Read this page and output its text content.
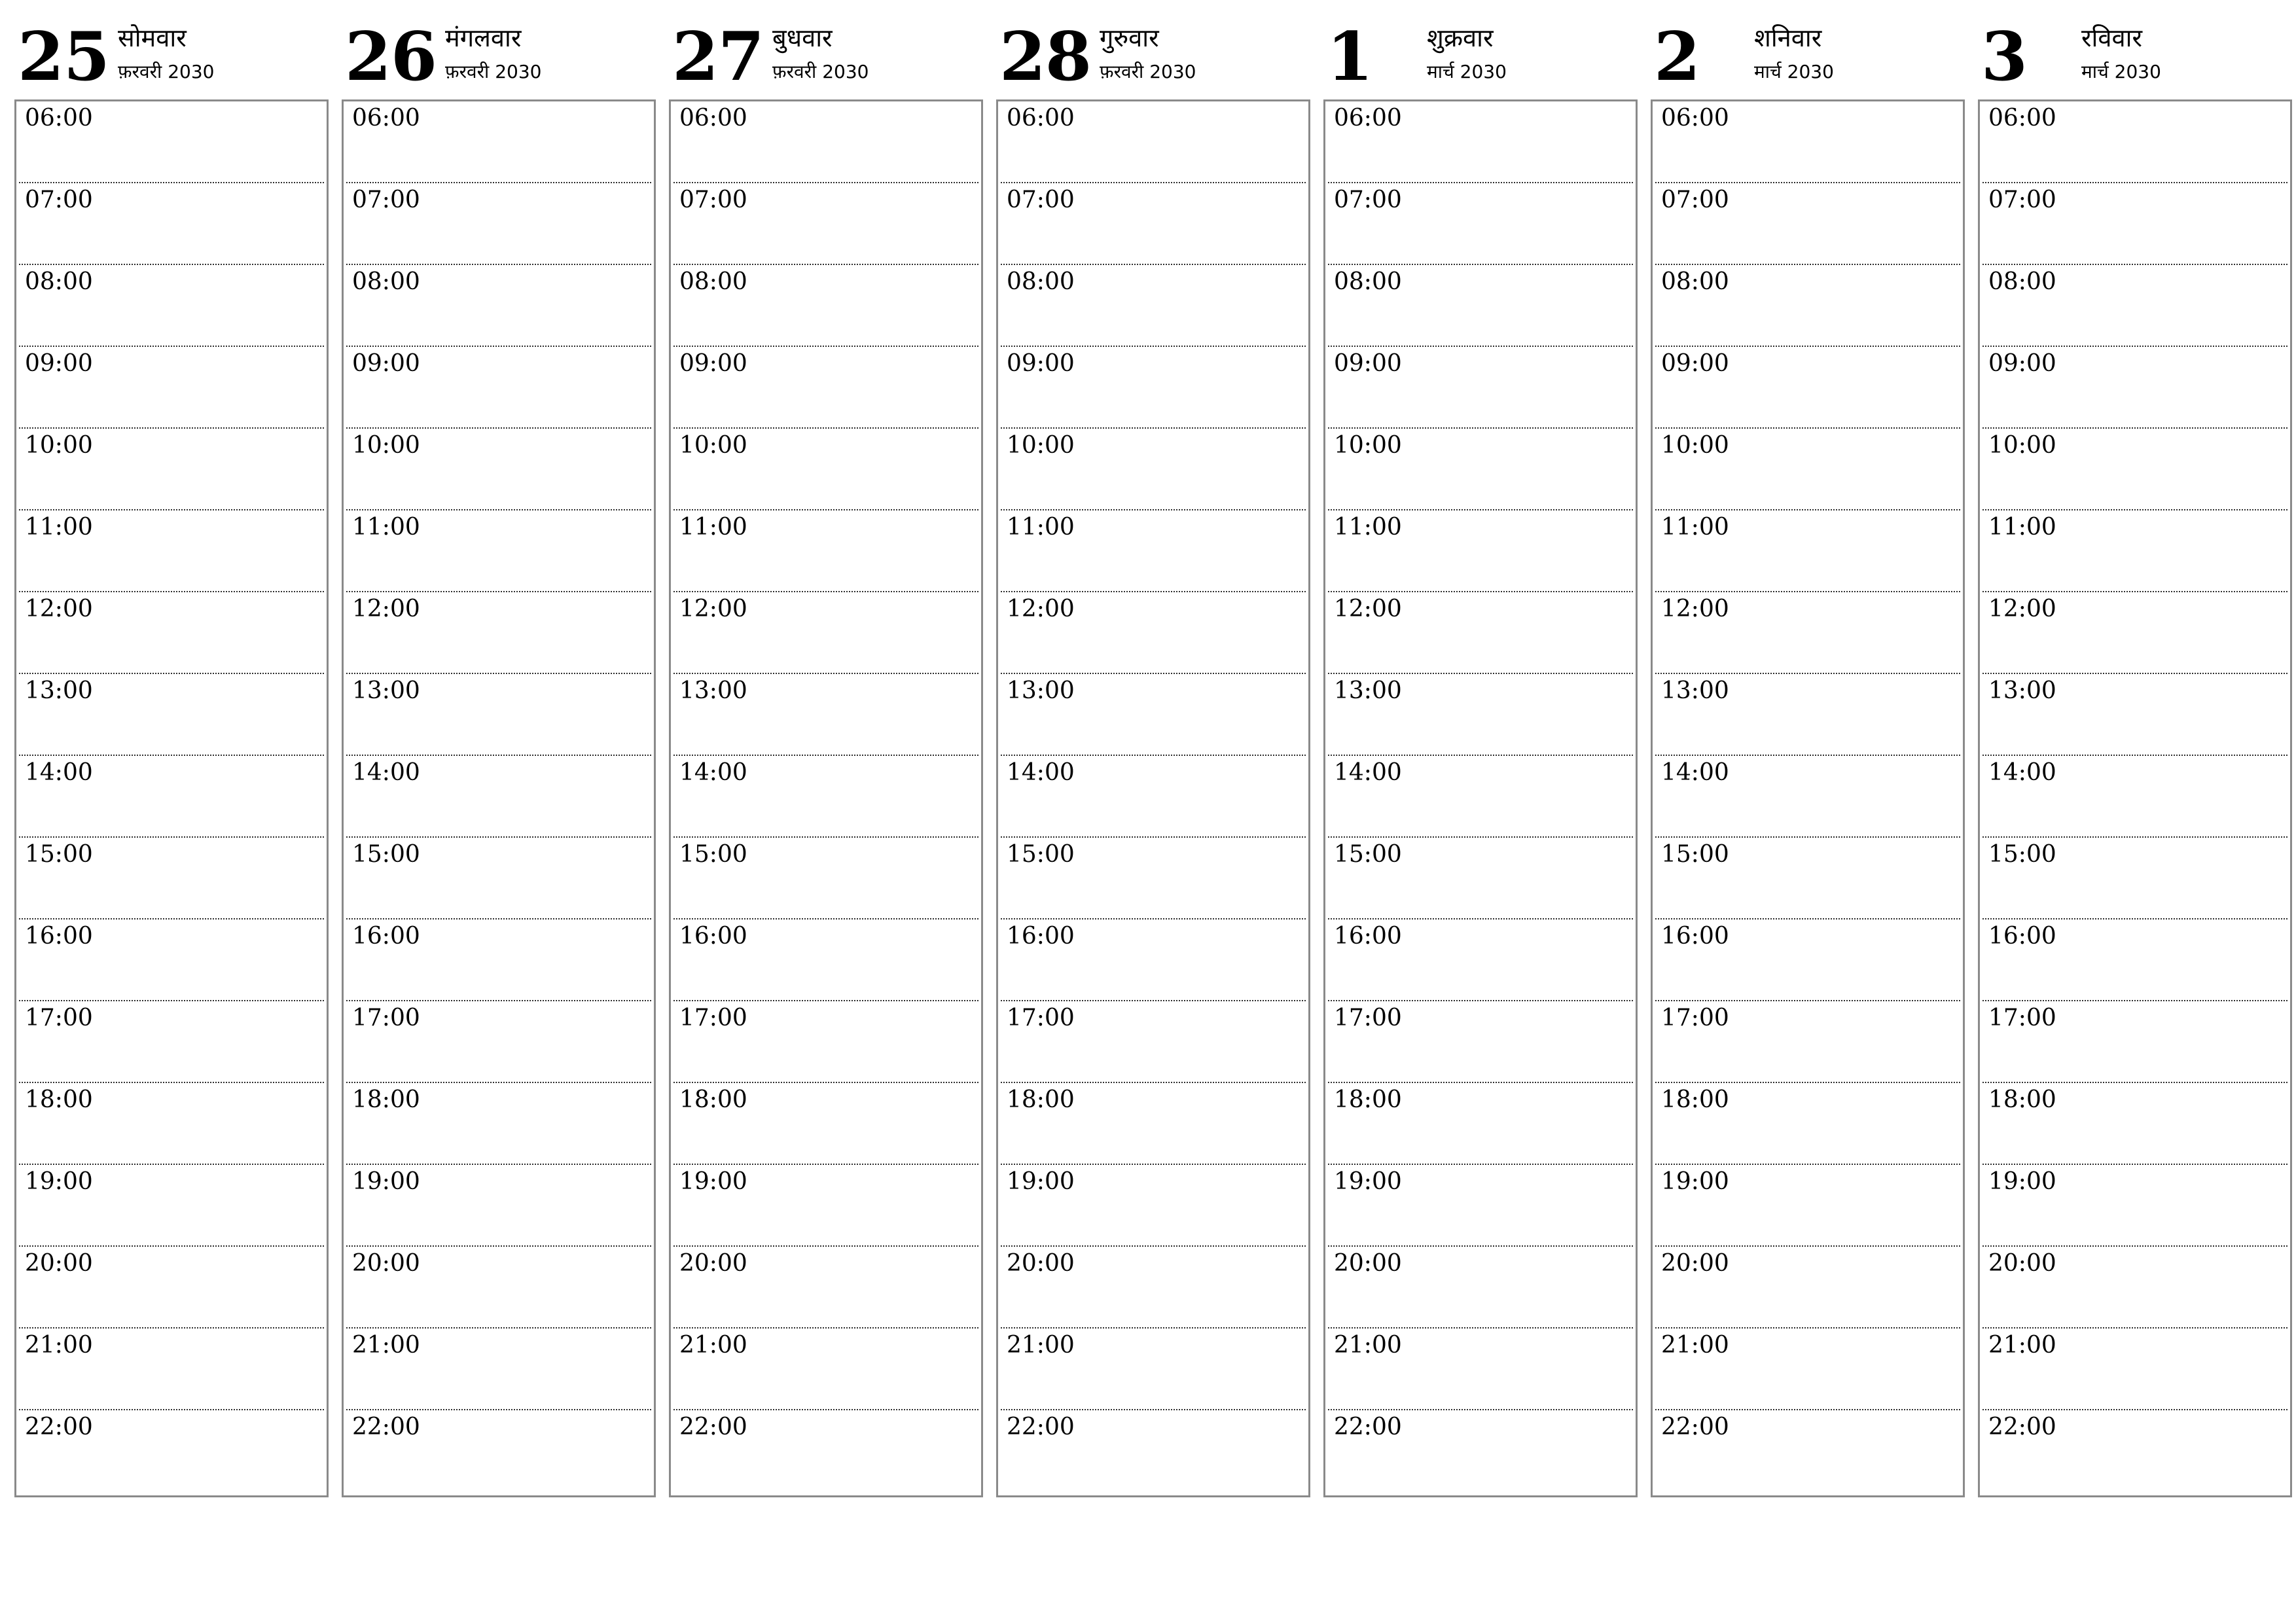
25 सोमवार
फ़रवरी 2030
06:00
07:00
08:00
09:00
10:00
11:00
12:00
13:00
14:00
15:00
16:00
17:00
18:00
19:00
20:00
21:00
22:00
26 मंगलवार
फ़रवरी 2030
06:00
07:00
08:00
09:00
10:00
11:00
12:00
13:00
14:00
15:00
16:00
17:00
18:00
19:00
20:00
21:00
22:00
27 बुधवार
फ़रवरी 2030
06:00
07:00
08:00
09:00
10:00
11:00
12:00
13:00
14:00
15:00
16:00
17:00
18:00
19:00
20:00
21:00
22:00
28 गुरुवार
फ़रवरी 2030
06:00
07:00
08:00
09:00
10:00
11:00
12:00
13:00
14:00
15:00
16:00
17:00
18:00
19:00
20:00
21:00
22:00
1 शुक्रवार
मार्च 2030
06:00
07:00
08:00
09:00
10:00
11:00
12:00
13:00
14:00
15:00
16:00
17:00
18:00
19:00
20:00
21:00
22:00
2 शनिवार
मार्च 2030
06:00
07:00
08:00
09:00
10:00
11:00
12:00
13:00
14:00
15:00
16:00
17:00
18:00
19:00
20:00
21:00
22:00
3 रविवार
मार्च 2030
06:00
07:00
08:00
09:00
10:00
11:00
12:00
13:00
14:00
15:00
16:00
17:00
18:00
19:00
20:00
21:00
22:00
